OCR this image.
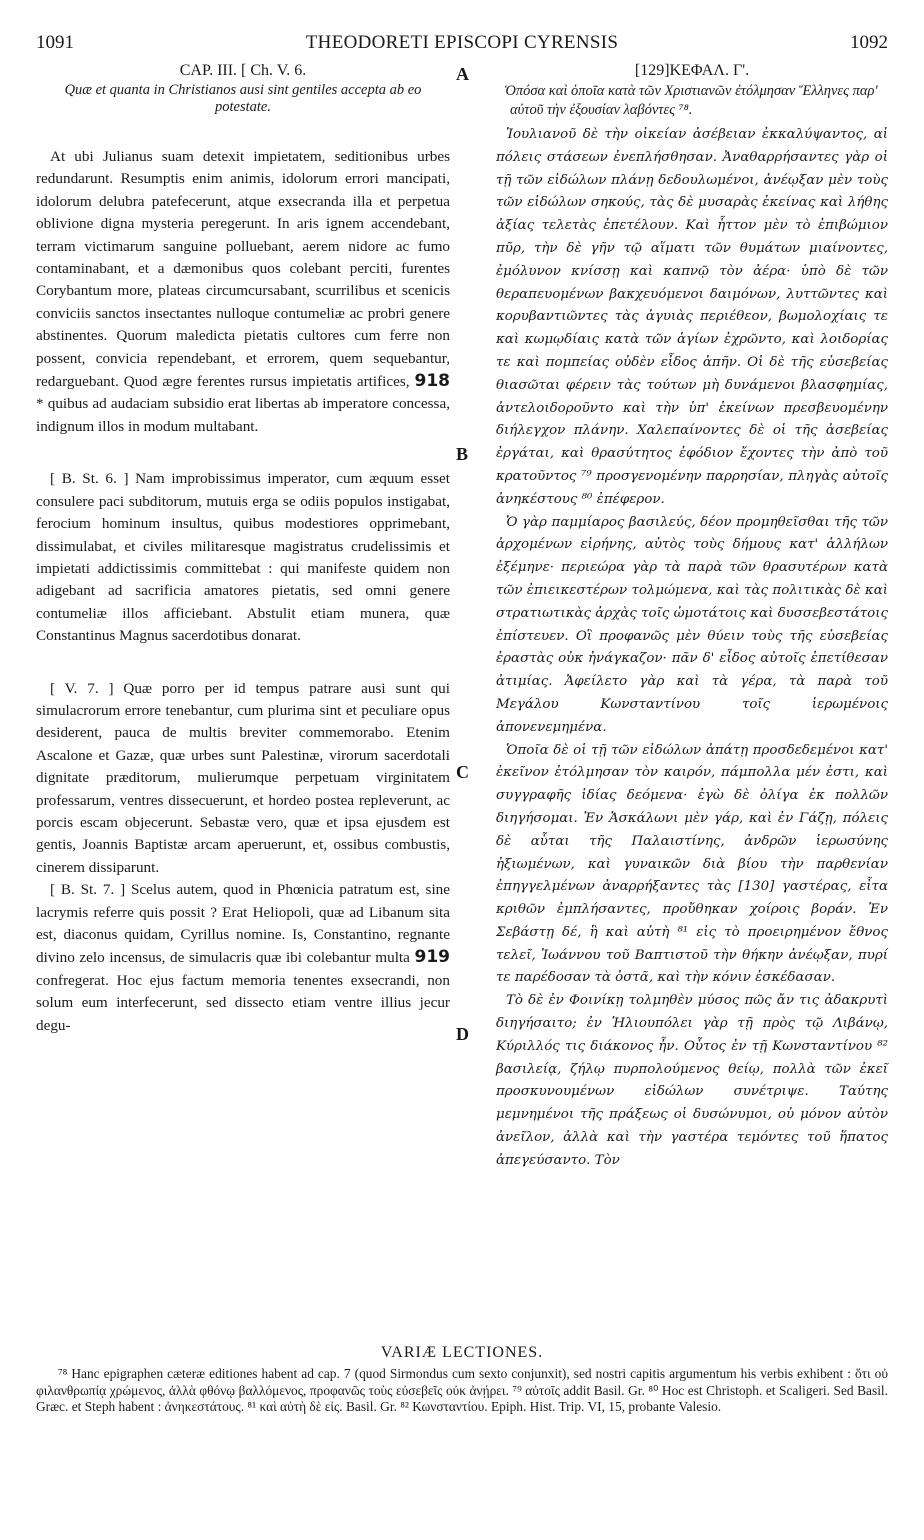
1091	THEODORETI EPISCOPI CYRENSIS	1092
A
B
C
D
CAP. III. [ Ch. V. 6.
Quæ et quanta in Christianos ausi sint gentiles accepta ab eo potestate.

At ubi Julianus suam detexit impietatem, seditionibus urbes redundarunt. Resumptis enim animis, idolorum errori mancipati, idolorum delubra patefecerunt, atque exsecranda illa et perpetua oblivione digna mysteria peregerunt. In aris ignem accendebant, terram victimarum sanguine polluebant, aerem nidore ac fumo contaminabant, et a dæmonibus quos colebant perciti, furentes Corybantum more, plateas circumcursabant, scurrilibus et scenicis conviciis sanctos insectantes nulloque contumeliæ ac probri genere abstinentes. Quorum maledicta pietatis cultores cum ferre non possent, convicia rependebant, et errorem, quem sequebantur, redarguebant. Quod ægre ferentes rursus impietatis artifices, 918 * quibus ad audaciam subsidio erat libertas ab imperatore concessa, indignum illos in modum multabant.

[ B. St. 6. ] Nam improbissimus imperator, cum æquum esset consulere paci subditorum, mutuis erga se odiis populos instigabat, ferocium hominum insultus, quibus modestiores opprimebant, dissimulabat, et civiles militaresque magistratus crudelissimis et impietati addictissimis committebat : qui manifeste quidem non adigebant ad sacrificia amatores pietatis, sed omni genere contumeliæ illos afficiebant. Abstulit etiam munera, quæ Constantinus Magnus sacerdotibus donarat.

[ V. 7. ] Quæ porro per id tempus patrare ausi sunt qui simulacrorum errore tenebantur, cum plurima sint et peculiare opus desiderent, pauca de multis breviter commemorabo. Etenim Ascalone et Gazæ, quæ urbes sunt Palestinæ, virorum sacerdotali dignitate præditorum, mulierumque perpetuam virginitatem professarum, ventres dissecuerunt, et hordeo postea repleverunt, ac porcis escam objecerunt. Sebastæ vero, quæ et ipsa ejusdem est gentis, Joannis Baptistæ arcam aperuerunt, et, ossibus combustis, cinerem dissiparunt.

[ B. St. 7. ] Scelus autem, quod in Phœnicia patratum est, sine lacrymis referre quis possit ? Erat Heliopoli, quæ ad Libanum sita est, diaconus quidam, Cyrillus nomine. Is, Constantino, regnante divino zelo incensus, de simulacris quæ ibi colebantur multa 919 confregerat. Hoc ejus factum memoria tenentes exsecrandi, non solum eum interfecerunt, sed dissecto etiam ventre illius jecur degu-

[129]ΚΕΦΑΛ. Γ'.
Ὁπόσα καὶ ὁποῖα κατὰ τῶν Χριστιανῶν ἐτόλμησαν Ἕλληνες παρ' αὐτοῦ τὴν ἐξουσίαν λαβόντες ⁷⁸.

Ἰουλιανοῦ δὲ τὴν οἰκείαν ἀσέβειαν ἐκκαλύψαντος, αἱ πόλεις στάσεων ἐνεπλήσθησαν. Ἀναθαρρήσαντες γὰρ οἱ τῇ τῶν εἰδώλων πλάνῃ δεδουλωμένοι, ἀνέῳξαν μὲν τοὺς τῶν εἰδώλων σηκούς, τὰς δὲ μυσαρὰς ἐκείνας καὶ λήθης ἀξίας τελετὰς ἐπετέλουν. Καὶ ἧττον μὲν τὸ ἐπιβώμιον πῦρ, τὴν δὲ γῆν τῷ αἵματι τῶν θυμάτων μιαίνοντες, ἐμόλυνον κνίσσῃ καὶ καπνῷ τὸν ἀέρα· ὑπὸ δὲ τῶν θεραπευομένων βακχευόμενοι δαιμόνων, λυττῶντες καὶ κορυβαντιῶντες τὰς ἀγυιὰς περιέθεον, βωμολοχίαις τε καὶ κωμῳδίαις κατὰ τῶν ἁγίων ἐχρῶντο, καὶ λοιδορίας τε καὶ πομπείας οὐδὲν εἶδος ἀπῆν. Οἱ δὲ τῆς εὐσεβείας θιασῶται φέρειν τὰς τούτων μὴ δυνάμενοι βλασφημίας, ἀντελοιδοροῦντο καὶ τὴν ὑπ' ἐκείνων πρεσβευομένην διήλεγχον πλάνην. Χαλεπαίνοντες δὲ οἱ τῆς ἀσεβείας ἐργάται, καὶ θρασύτητος ἐφόδιον ἔχοντες τὴν ἀπὸ τοῦ κρατοῦντος ⁷⁹ προσγενομένην παρρησίαν, πληγὰς αὐτοῖς ἀνηκέστους ⁸⁰ ἐπέφερον.

Ὁ γὰρ παμμίαρος βασιλεύς, δέον προμηθεῖσθαι τῆς τῶν ἀρχομένων εἰρήνης, αὐτὸς τοὺς δήμους κατ' ἀλλήλων ἐξέμηνε· περιεώρα γὰρ τὰ παρὰ τῶν θρασυτέρων κατὰ τῶν ἐπιεικεστέρων τολμώμενα, καὶ τὰς πολιτικὰς δὲ καὶ στρατιωτικὰς ἀρχὰς τοῖς ὠμοτάτοις καὶ δυσσεβεστάτοις ἐπίστευεν. Οἳ προφανῶς μὲν θύειν τοὺς τῆς εὐσεβείας ἐραστὰς οὐκ ἠνάγκαζον· πᾶν δ' εἶδος αὐτοῖς ἐπετίθεσαν ἀτιμίας. Ἀφείλετο γὰρ καὶ τὰ γέρα, τὰ παρὰ τοῦ Μεγάλου Κωνσταντίνου τοῖς ἱερωμένοις ἀπονενεμημένα.

Ὁποῖα δὲ οἱ τῇ τῶν εἰδώλων ἀπάτῃ προσδεδεμένοι κατ' ἐκεῖνον ἐτόλμησαν τὸν καιρόν, πάμπολλα μέν ἐστι, καὶ συγγραφῆς ἰδίας δεόμενα· ἐγὼ δὲ ὀλίγα ἐκ πολλῶν διηγήσομαι. Ἐν Ἀσκάλωνι μὲν γάρ, καὶ ἐν Γάζῃ, πόλεις δὲ αὗται τῆς Παλαιστίνης, ἀνδρῶν ἱερωσύνης ἠξιωμένων, καὶ γυναικῶν διὰ βίου τὴν παρθενίαν ἐπηγγελμένων ἀναρρήξαντες τὰς [130] γαστέρας, εἶτα κριθῶν ἐμπλήσαντες, προὔθηκαν χοίροις βοράν. Ἐν Σεβάστῃ δέ, ἣ καὶ αὐτὴ ⁸¹ εἰς τὸ προειρημένον ἔθνος τελεῖ, Ἰωάννου τοῦ Βαπτιστοῦ τὴν θήκην ἀνέῳξαν, πυρί τε παρέδοσαν τὰ ὀστᾶ, καὶ τὴν κόνιν ἐσκέδασαν.

Τὸ δὲ ἐν Φοινίκῃ τολμηθὲν μύσος πῶς ἄν τις ἀδακρυτὶ διηγήσαιτο; ἐν Ἡλιουπόλει γὰρ τῇ πρὸς τῷ Λιβάνῳ, Κύριλλός τις διάκονος ἦν. Οὗτος ἐν τῇ Κωνσταντίνου ⁸² βασιλείᾳ, ζήλῳ πυρπολούμενος θείῳ, πολλὰ τῶν ἐκεῖ προσκυνουμένων εἰδώλων συνέτριψε. Ταύτης μεμνημένοι τῆς πράξεως οἱ δυσώνυμοι, οὐ μόνον αὐτὸν ἀνεῖλον, ἀλλὰ καὶ τὴν γαστέρα τεμόντες τοῦ ἥπατος ἀπεγεύσαντο. Τὸν

VARIÆ LECTIONES.

⁷⁸ Hanc epigraphen cæteræ editiones habent ad cap. 7 (quod Sirmondus cum sexto conjunxit), sed nostri capitis argumentum his verbis exhibent : ὅτι οὐ φιλανθρωπίᾳ χρώμενος, ἀλλὰ φθόνῳ βαλλόμενος, προφανῶς τοὺς εὐσεβεῖς οὐκ ἀνῄρει. ⁷⁹ αὐτοῖς addit Basil. Gr. ⁸⁰ Hoc est Christoph. et Scaligeri. Sed Basil. Græc. et Steph habent : ἀνηκεστάτους. ⁸¹ καὶ αὐτὴ δὲ εἰς. Basil. Gr. ⁸² Κωνσταντίου. Epiph. Hist. Trip. VI, 15, probante Valesio.
